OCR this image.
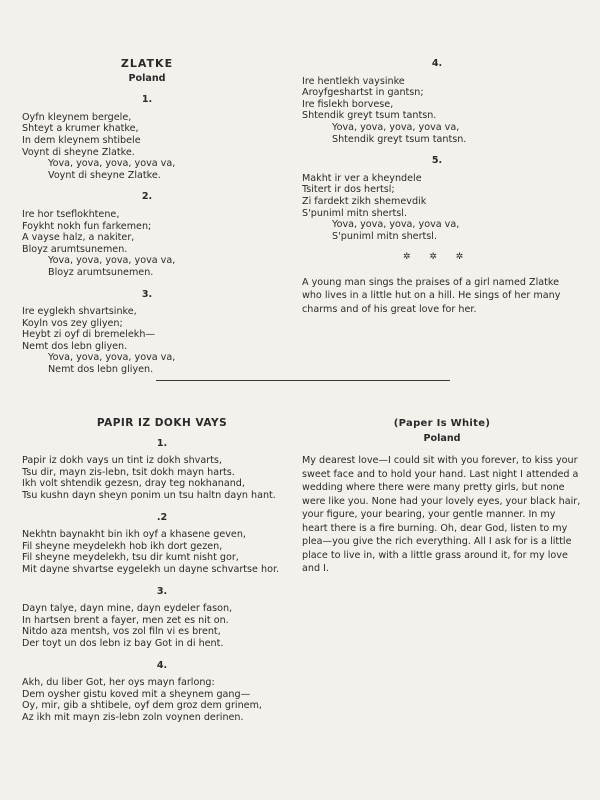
ZLATKE
Poland
1.
Oyfn kleynem bergele,
Shteyt a krumer khatke,
In dem kleynem shtibele
Voynt di sheyne Zlatke.
Yova, yova, yova, yova va,
Voynt di sheyne Zlatke.
2.
Ire hor tseflokhtene,
Foykht nokh fun farkemen;
A vayse halz, a nakiter,
Bloyz arumtsunemen.
Yova, yova, yova, yova va,
Bloyz arumtsunemen.
3.
Ire eyglekh shvartsinke,
Koyln vos zey gliyen;
Heybt zi oyf di bremelekh—
Nemt dos lebn gliyen.
Yova, yova, yova, yova va,
Nemt dos lebn gliyen.
4.
Ire hentlekh vaysinke
Aroyfgeshartst in gantsn;
Ire fislekh borvese,
Shtendik greyt tsum tantsn.
Yova, yova, yova, yova va,
Shtendik greyt tsum tantsn.
5.
Makht ir ver a kheyndele
Tsitert ir dos hertsl;
Zi fardekt zikh shemevdik
S'puniml mitn shertsl.
Yova, yova, yova, yova va,
S'puniml mitn shertsl.
✲ ✲ ✲
A young man sings the praises of a girl named Zlatke who lives in a little hut on a hill. He sings of her many charms and of his great love for her.
PAPIR IZ DOKH VAYS
1.
Papir iz dokh vays un tint iz dokh shvarts,
Tsu dir, mayn zis-lebn, tsit dokh mayn harts.
Ikh volt shtendik gezesn, dray teg nokhanand,
Tsu kushn dayn sheyn ponim un tsu haltn dayn hant.
.2
Nekhtn baynakht bin ikh oyf a khasene geven,
Fil sheyne meydelekh hob ikh dort gezen,
Fil sheyne meydelekh, tsu dir kumt nisht gor,
Mit dayne shvartse eygelekh un dayne schvartse hor.
3.
Dayn talye, dayn mine, dayn eydeler fason,
In hartsen brent a fayer, men zet es nit on.
Nitdo aza mentsh, vos zol filn vi es brent,
Der toyt un dos lebn iz bay Got in di hent.
4.
Akh, du liber Got, her oys mayn farlong:
Dem oysher gistu koved mit a sheynem gang—
Oy, mir, gib a shtibele, oyf dem groz dem grinem,
Az ikh mit mayn zis-lebn zoln voynen derinen.
(Paper Is White)
Poland
My dearest love—I could sit with you forever, to kiss your sweet face and to hold your hand. Last night I attended a wedding where there were many pretty girls, but none were like you. None had your lovely eyes, your black hair, your figure, your bearing, your gentle manner. In my heart there is a fire burning. Oh, dear God, listen to my plea—you give the rich everything. All I ask for is a little place to live in, with a little grass around it, for my love and I.
